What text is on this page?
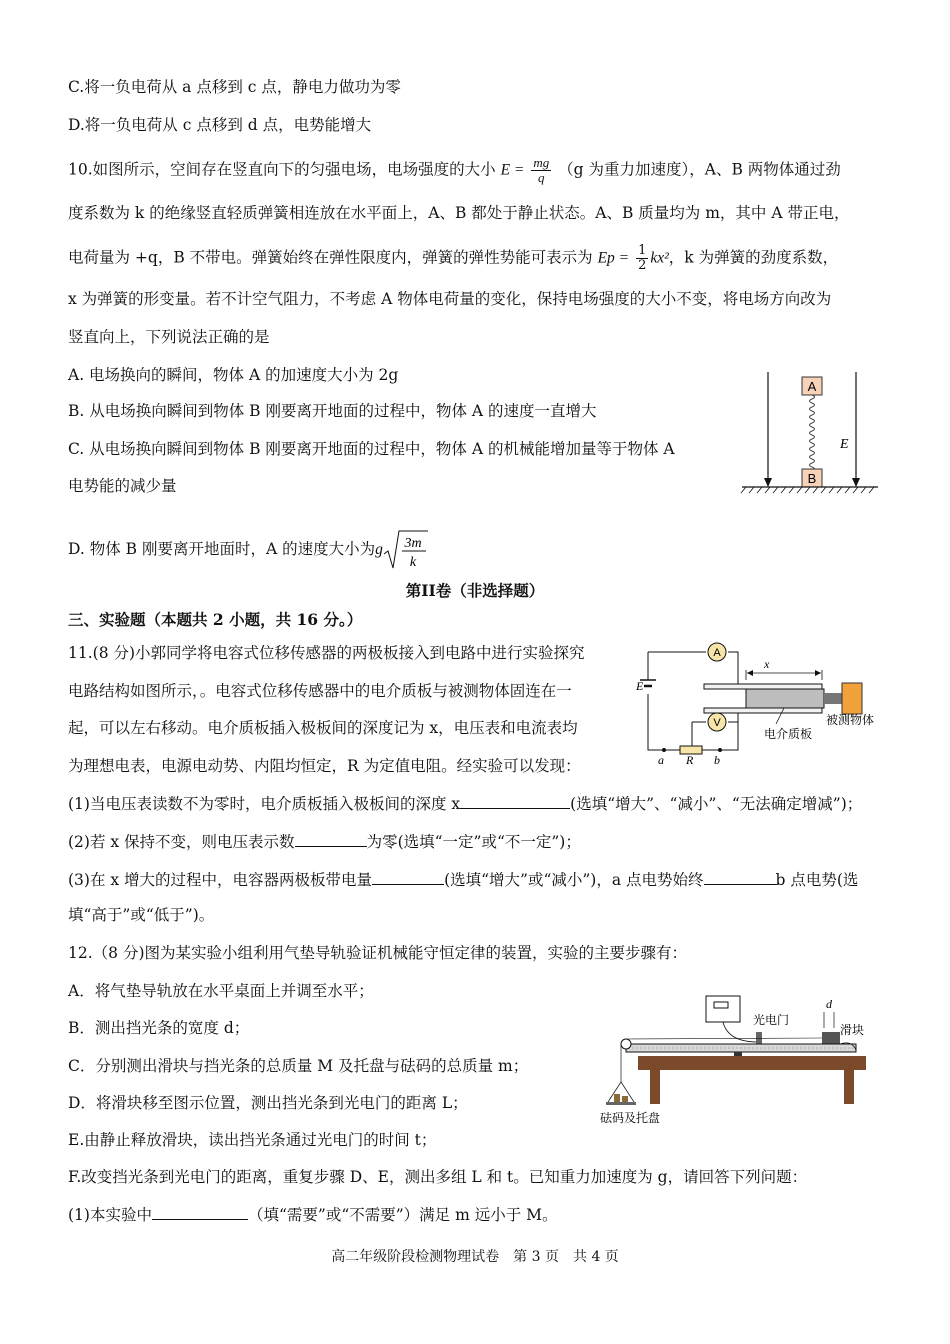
C.将一负电荷从 a 点移到 c 点，静电力做功为零
D.将一负电荷从 c 点移到 d 点，电势能增大
10.如图所示，空间存在竖直向下的匀强电场，电场强度的大小 $E = \frac{mg}{q} (g$ 为重力加速度），A、B 两物体通过劲
度系数为 k 的绝缘竖直轻质弹簧相连放在水平面上，A、B 都处于静止状态。A、B 质量均为 m，其中 A 带正电，
电荷量为 +q，B 不带电。弹簧始终在弹性限度内，弹簧的弹性势能可表示为 $Ep = \frac{1}{2} kx^2$，k 为弹簧的劲度系数，
x 为弹簧的形变量。若不计空气阻力，不考虑 A 物体电荷量的变化，保持电场强度的大小不变，将电场方向改为
竖直向上，下列说法正确的是
A. 电场换向的瞬间，物体 A 的加速度大小为 2g
B. 从电场换向瞬间到物体 B 刚要离开地面的过程中，物体 A 的速度一直增大
C. 从电场换向瞬间到物体 B 刚要离开地面的过程中，物体 A 的机械能增加量等于物体 A
电势能的减少量
D. 物体 B 刚要离开地面时，A 的速度大小为g 3m
k
A
B
E
第II卷（非选择题）
三、实验题（本题共 2 小题，共 16 分。）
11.(8 分)小郭同学将电容式位移传感器的两极板接入到电路中进行实验探究
电路结构如图所示，。电容式位移传感器中的电介质板与被测物体固连在一
起，可以左右移动。电介质板插入极板间的深度记为 x，电压表和电流表均
为理想电表，电源电动势、内阻均恒定，R 为定值电阻。经实验可以发现：
(1)当电压表读数不为零时，电介质板插入极板间的深度 x	(选填“增大”、“减小”、“无法确定增减”)；
(2)若 x 保持不变，则电压表示数	为零(选填“一定”或“不一定”)；
(3)在 x 增大的过程中，电容器两极板带电量	(选填“增大”或“减小”)，a 点电势始终	b 点电势(选
填“高于”或“低于”)。
E
A
V
x
电介质板
被测物体
a R b
12.（8 分)图为某实验小组利用气垫导轨验证机械能守恒定律的装置，实验的主要步骤有：
A．将气垫导轨放在水平桌面上并调至水平；
B．测出挡光条的宽度 d；
C．分别测出滑块与挡光条的总质量 M 及托盘与砝码的总质量 m；
D．将滑块移至图示位置，测出挡光条到光电门的距离 L；
E.由静止释放滑块，读出挡光条通过光电门的时间 t；
F.改变挡光条到光电门的距离，重复步骤 D、E，测出多组 L 和 t。已知重力加速度为 g，请回答下列问题：
(1)本实验中	（填“需要”或“不需要”）满足 m 远小于 M。
光电门
d
滑块
砝码及托盘
高二年级阶段检测物理试卷　第 3 页　共 4 页
